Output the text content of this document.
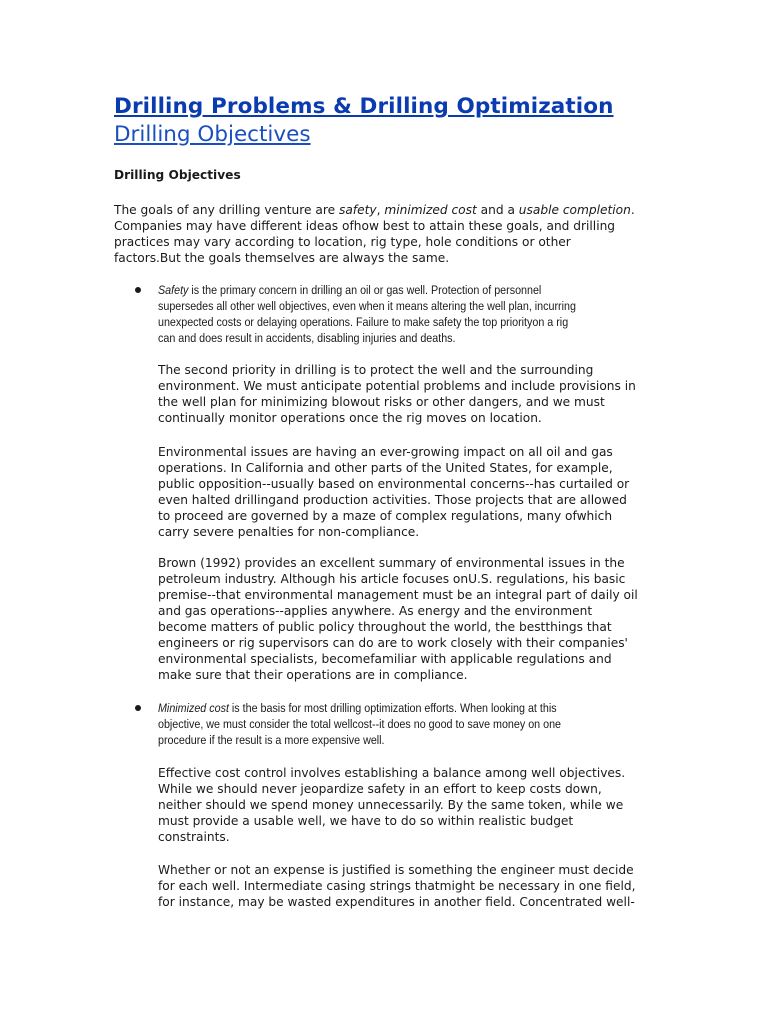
Drilling Problems & Drilling Optimization
Drilling Objectives
Drilling Objectives

The goals of any drilling venture are safety, minimized cost and a usable completion.

Companies may have different ideas ofhow best to attain these goals, and drilling

practices may vary according to location, rig type, hole conditions or other

factors.But the goals themselves are always the same.

Safety is the primary concern in drilling an oil or gas well. Protection of personnel

supersedes all other well objectives, even when it means altering the well plan, incurring

unexpected costs or delaying operations. Failure to make safety the top priorityon a rig

can and does result in accidents, disabling injuries and deaths.

The second priority in drilling is to protect the well and the surrounding

environment. We must anticipate potential problems and include provisions in

the well plan for minimizing blowout risks or other dangers, and we must

continually monitor operations once the rig moves on location.

Environmental issues are having an ever-growing impact on all oil and gas

operations. In California and other parts of the United States, for example,

public opposition--usually based on environmental concerns--has curtailed or

even halted drillingand production activities. Those projects that are allowed

to proceed are governed by a maze of complex regulations, many ofwhich

carry severe penalties for non-compliance.

Brown (1992) provides an excellent summary of environmental issues in the

petroleum industry. Although his article focuses onU.S. regulations, his basic

premise--that environmental management must be an integral part of daily oil

and gas operations--applies anywhere. As energy and the environment

become matters of public policy throughout the world, the bestthings that

engineers or rig supervisors can do are to work closely with their companies'

environmental specialists, becomefamiliar with applicable regulations and

make sure that their operations are in compliance.

Minimized cost is the basis for most drilling optimization efforts. When looking at this

objective, we must consider the total wellcost--it does no good to save money on one

procedure if the result is a more expensive well.

Effective cost control involves establishing a balance among well objectives.

While we should never jeopardize safety in an effort to keep costs down,

neither should we spend money unnecessarily. By the same token, while we

must provide a usable well, we have to do so within realistic budget

constraints.

Whether or not an expense is justified is something the engineer must decide

for each well. Intermediate casing strings thatmight be necessary in one field,

for instance, may be wasted expenditures in another field. Concentrated well-
